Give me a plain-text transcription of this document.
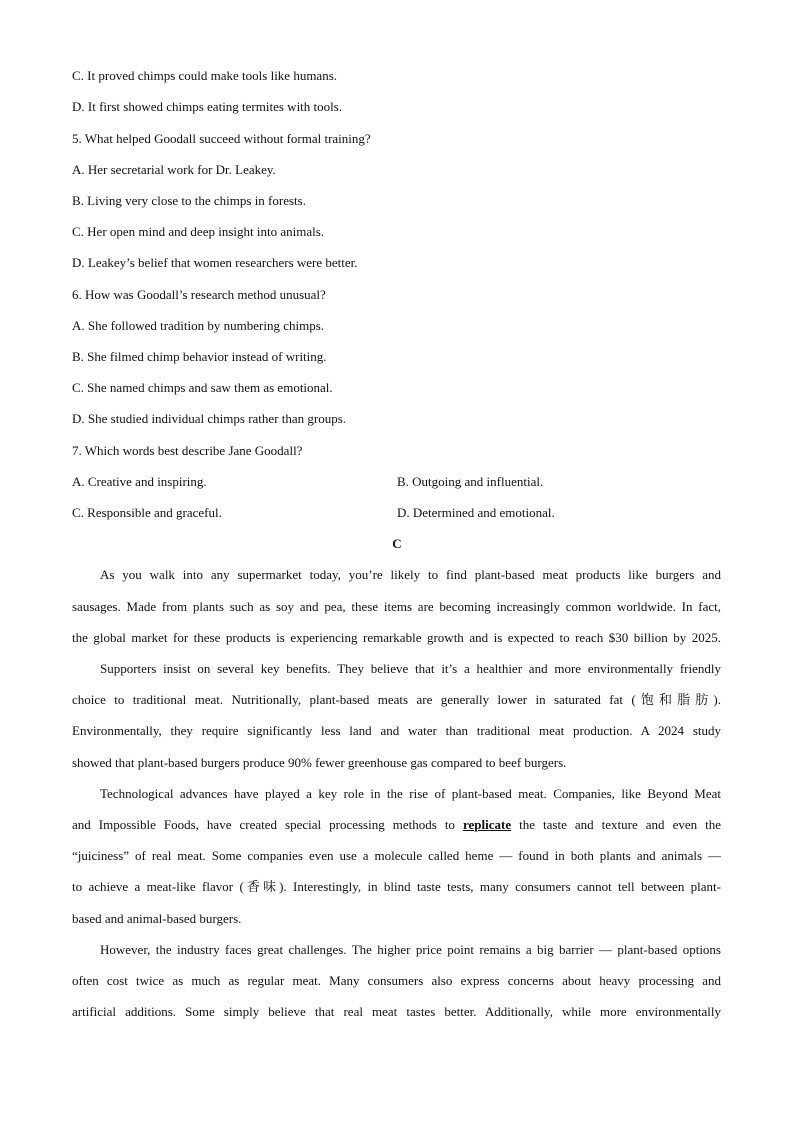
C. It proved chimps could make tools like humans.
D. It first showed chimps eating termites with tools.
5. What helped Goodall succeed without formal training?
A. Her secretarial work for Dr. Leakey.
B. Living very close to the chimps in forests.
C. Her open mind and deep insight into animals.
D. Leakey’s belief that women researchers were better.
6. How was Goodall’s research method unusual?
A. She followed tradition by numbering chimps.
B. She filmed chimp behavior instead of writing.
C. She named chimps and saw them as emotional.
D. She studied individual chimps rather than groups.
7. Which words best describe Jane Goodall?
A. Creative and inspiring.	B. Outgoing and influential.
C. Responsible and graceful.	D. Determined and emotional.
C
As you walk into any supermarket today, you’re likely to find plant-based meat products like burgers and
sausages. Made from plants such as soy and pea, these items are becoming increasingly common worldwide. In fact,
the global market for these products is experiencing remarkable growth and is expected to reach $30 billion by 2025.
Supporters insist on several key benefits. They believe that it’s a healthier and more environmentally friendly
choice to traditional meat. Nutritionally, plant-based meats are generally lower in saturated fat (饱和脂肪).
Environmentally, they require significantly less land and water than traditional meat production. A 2024 study
showed that plant-based burgers produce 90% fewer greenhouse gas compared to beef burgers.
Technological advances have played a key role in the rise of plant-based meat. Companies, like Beyond Meat
and Impossible Foods, have created special processing methods to replicate the taste and texture and even the
“juiciness” of real meat. Some companies even use a molecule called heme — found in both plants and animals —
to achieve a meat-like flavor (香味). Interestingly, in blind taste tests, many consumers cannot tell between plant-
based and animal-based burgers.
However, the industry faces great challenges. The higher price point remains a big barrier — plant-based options
often cost twice as much as regular meat. Many consumers also express concerns about heavy processing and
artificial additions. Some simply believe that real meat tastes better. Additionally, while more environmentally
